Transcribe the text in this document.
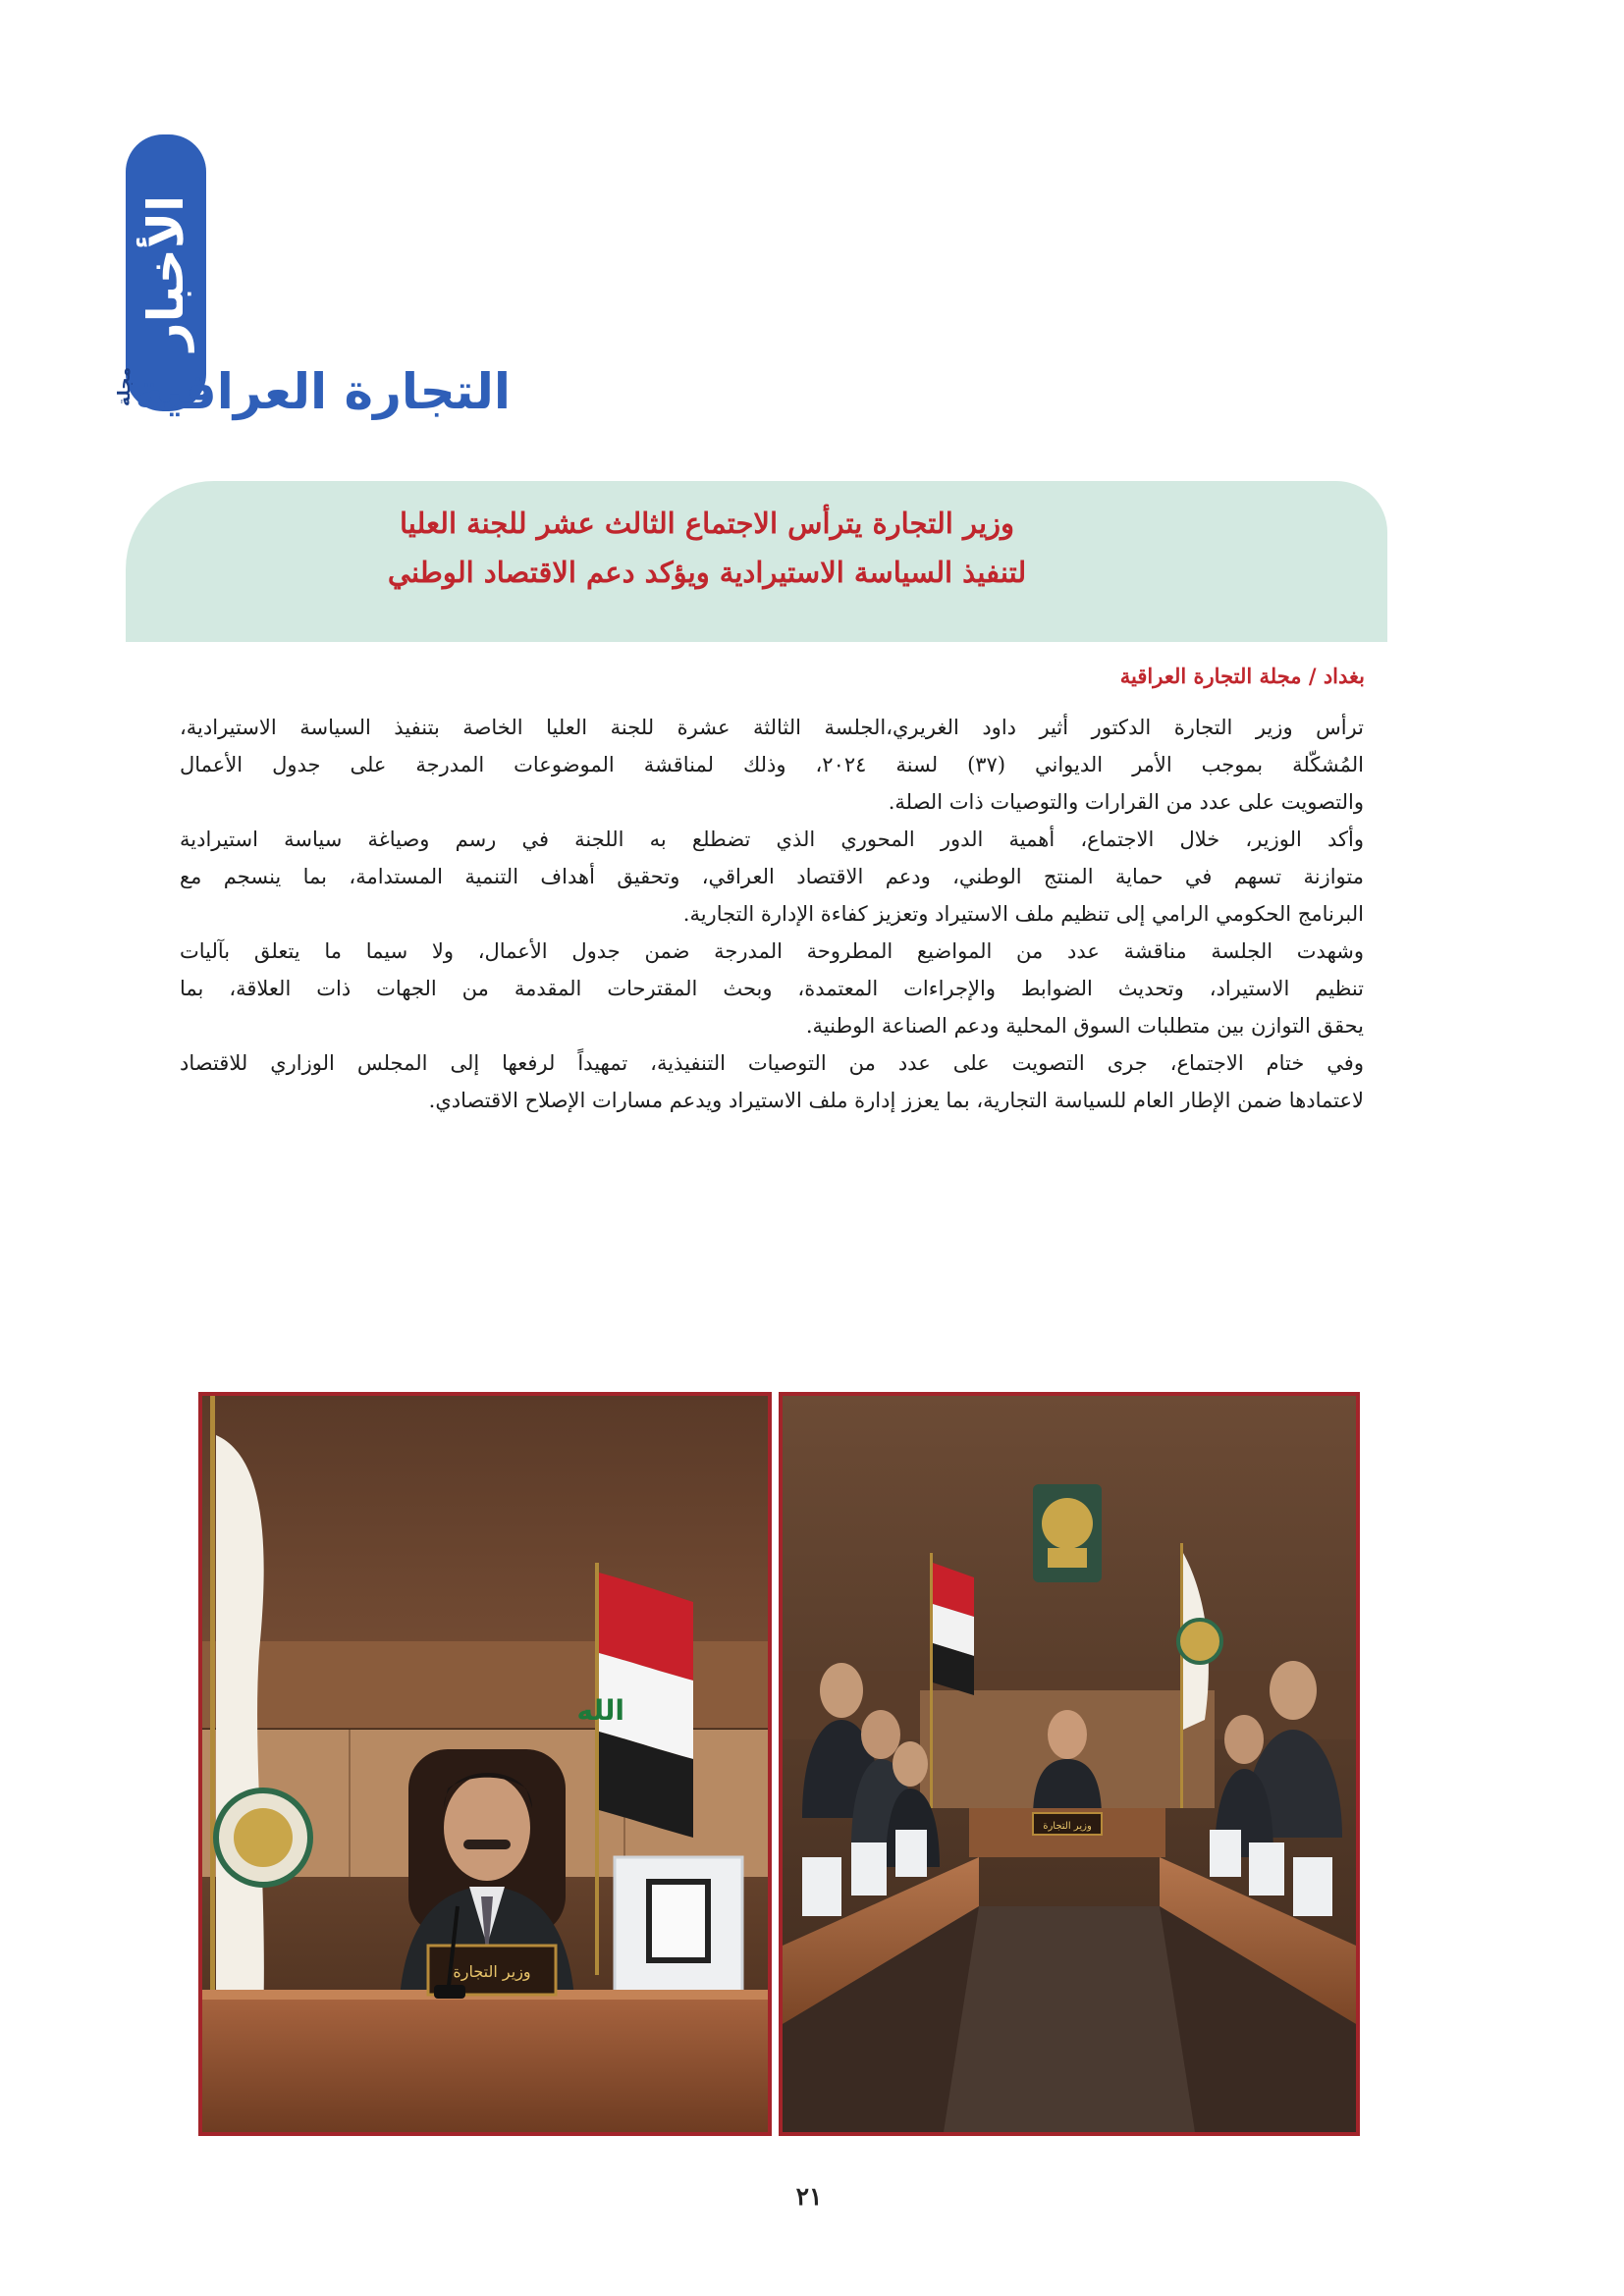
الأخبار
التجارة العراقية
مجلة
وزير التجارة يترأس الاجتماع الثالث عشر للجنة العليا
لتنفيذ السياسة الاستيرادية ويؤكد دعم الاقتصاد الوطني

بغداد / مجلة التجارة العراقية

ترأس وزير التجارة الدكتور أثير داود الغريري،الجلسة الثالثة عشرة للجنة العليا الخاصة بتنفيذ السياسة الاستيرادية،
المُشكّلة بموجب الأمر الديواني (٣٧) لسنة ٢٠٢٤، وذلك لمناقشة الموضوعات المدرجة على جدول الأعمال
والتصويت على عدد من القرارات والتوصيات ذات الصلة.

وأكد الوزير، خلال الاجتماع، أهمية الدور المحوري الذي تضطلع به اللجنة في رسم وصياغة سياسة استيرادية
متوازنة تسهم في حماية المنتج الوطني، ودعم الاقتصاد العراقي، وتحقيق أهداف التنمية المستدامة، بما ينسجم مع
البرنامج الحكومي الرامي إلى تنظيم ملف الاستيراد وتعزيز كفاءة الإدارة التجارية.

وشهدت الجلسة مناقشة عدد من المواضيع المطروحة المدرجة ضمن جدول الأعمال، ولا سيما ما يتعلق بآليات
تنظيم الاستيراد، وتحديث الضوابط والإجراءات المعتمدة، وبحث المقترحات المقدمة من الجهات ذات العلاقة، بما
يحقق التوازن بين متطلبات السوق المحلية ودعم الصناعة الوطنية.

وفي ختام الاجتماع، جرى التصويت على عدد من التوصيات التنفيذية، تمهيداً لرفعها إلى المجلس الوزاري للاقتصاد
لاعتمادها ضمن الإطار العام للسياسة التجارية، بما يعزز إدارة ملف الاستيراد ويدعم مسارات الإصلاح الاقتصادي.

الله
وزير التجارة
وزير التجارة

٢١
